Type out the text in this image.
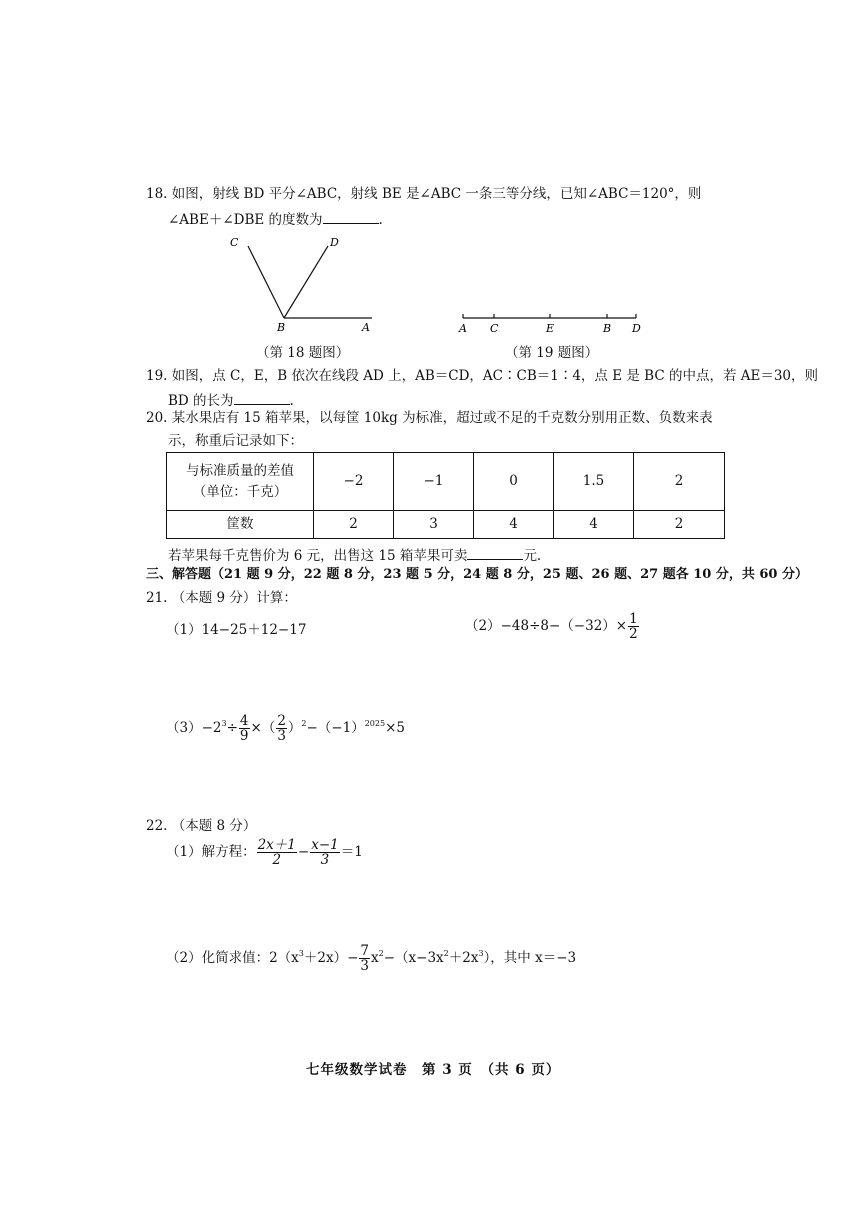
18. 如图，射线 BD 平分∠ABC，射线 BE 是∠ABC 一条三等分线，已知∠ABC＝120°，则
∠ABE＋∠DBE 的度数为	.
C	D
B	A
（第 18 题图）
A C	E	B D
（第 19 题图）
19. 如图，点 C，E，B 依次在线段 AD 上，AB＝CD，AC∶CB＝1∶4，点 E 是 BC 的中点，若 AE＝30，则
BD 的长为	.
20. 某水果店有 15 箱苹果，以每筐 10kg 为标准，超过或不足的千克数分别用正数、负数来表
示，称重后记录如下：
与标准质量的差值
（单位：千克）	−2	−1	0	1.5	2
筐数	2	3	4	4	2
若苹果每千克售价为 6 元，出售这 15 箱苹果可卖	元.
三、解答题（21 题 9 分，22 题 8 分，23 题 5 分，24 题 8 分，25 题、26 题、27 题各 10 分，共 60 分）
21. （本题 9 分）计算：
（1）14−25＋12−17	$(2)-48\div 8-(-32)\times \frac{1}{2}$
$(3)-2^3\div \frac{4}{9}$ ×（ $\frac{2}{3} )^2-(-1)^{2025}\times 5$
22. （本题 8 分）
（1）解方程： $\frac{2x+1}{2} - \frac{x-1}{3} =1$
（2）化简求值：$2(x^3+2x)- \frac{7}{3} x^2-(x-3x^2+2x^3)$，其中 x＝−3
七年级数学试卷　第 3 页　（共 6 页）
